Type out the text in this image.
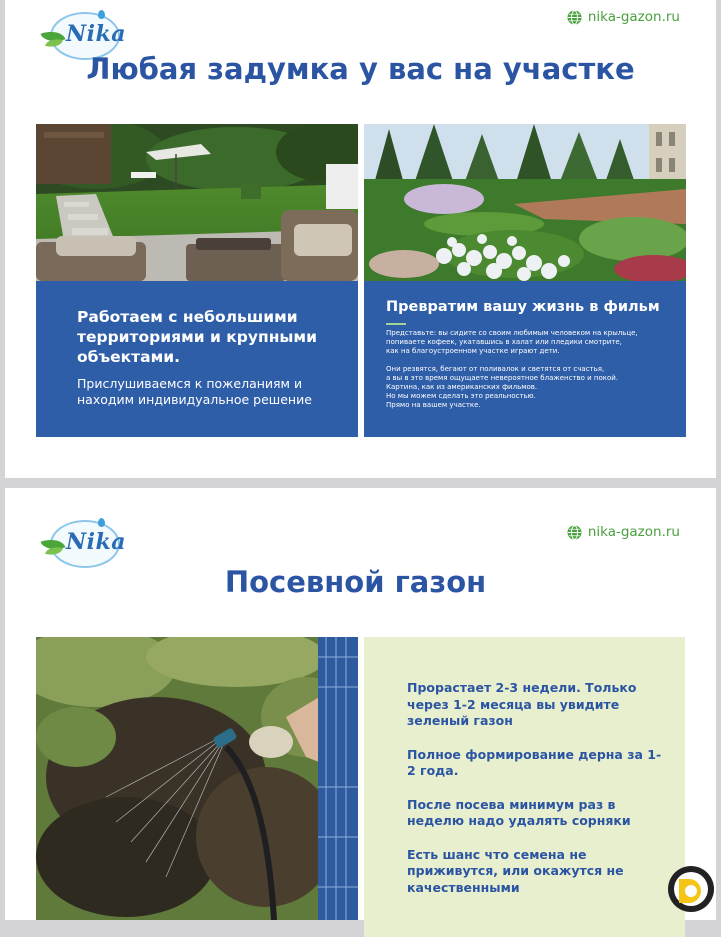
Nika
nika-gazon.ru
Любая задумка у вас на участке
Работаем с небольшими территориями и крупными объектами.
Прислушиваемся к пожеланиям и находим индивидуальное решение
Превратим вашу жизнь в фильм

Представьте: вы сидите со своим любимым человеком на крыльце,

попиваете кофеек, укатавшись в халат или пледики смотрите,

как на благоустроенном участке играют дети.

Они резвятся, бегают от поливалок и светятся от счастья,

а вы в это время ощущаете невероятное блаженство и покой.

Картина, как из американских фильмов.

Но мы можем сделать это реальностью.

Прямо на вашем участке.

Nika	nika-gazon.ru
Посевной газон

Прорастает 2-3 недели. Только через 1-2 месяца вы увидите зеленый газон

Полное формирование дерна за 1-2 года.

После посева минимум раз в неделю надо удалять сорняки

Есть шанс что семена не приживутся, или окажутся не качественными
